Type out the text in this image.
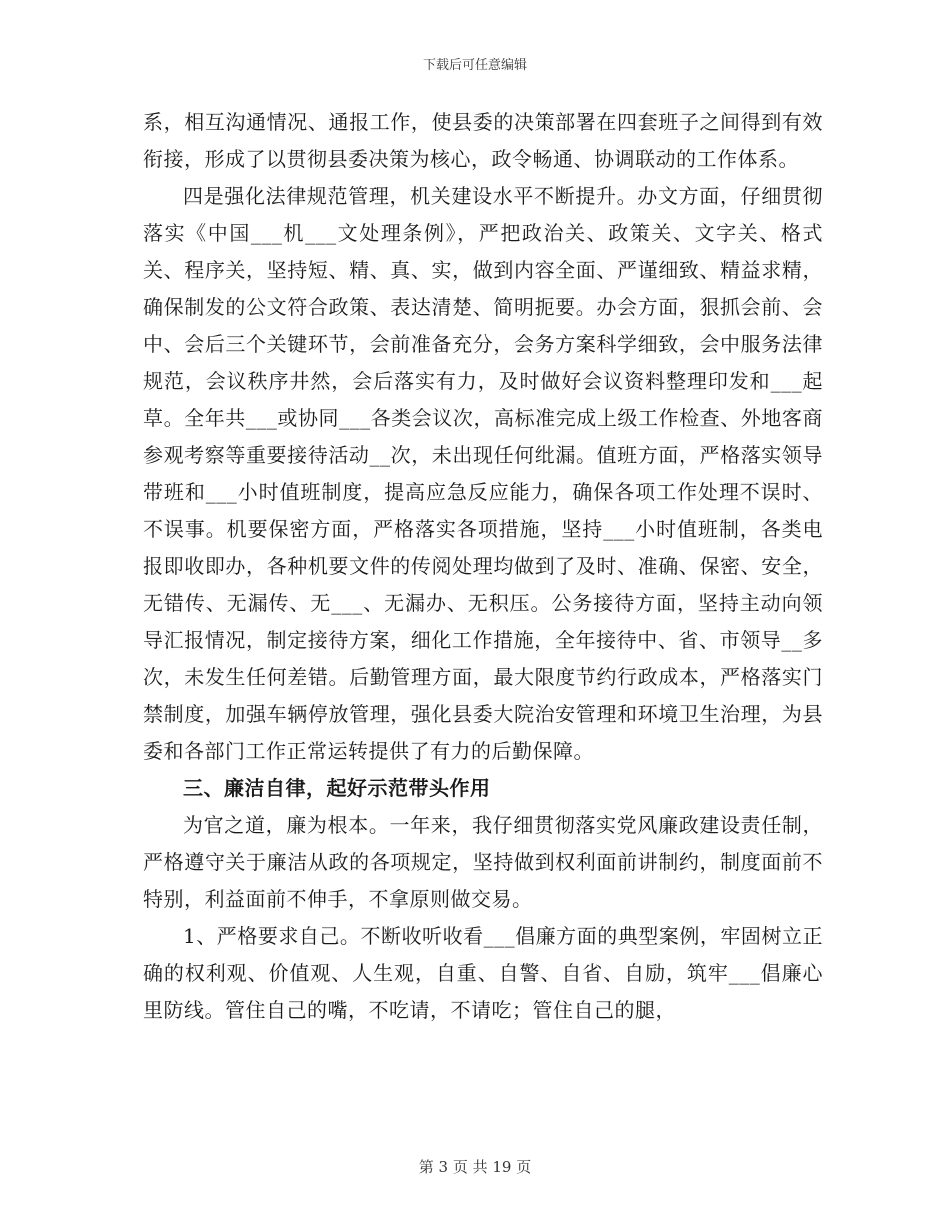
下载后可任意编辑

系，相互沟通情况、通报工作，使县委的决策部署在四套班子之间得到有效衔接，形成了以贯彻县委决策为核心，政令畅通、协调联动的工作体系。

四是强化法律规范管理，机关建设水平不断提升。办文方面，仔细贯彻落实《中国___机___文处理条例》，严把政治关、政策关、文字关、格式关、程序关，坚持短、精、真、实，做到内容全面、严谨细致、精益求精，确保制发的公文符合政策、表达清楚、简明扼要。办会方面，狠抓会前、会中、会后三个关键环节，会前准备充分，会务方案科学细致，会中服务法律规范，会议秩序井然，会后落实有力，及时做好会议资料整理印发和___起草。全年共___或协同___各类会议次，高标准完成上级工作检查、外地客商参观考察等重要接待活动__次，未出现任何纰漏。值班方面，严格落实领导带班和___小时值班制度，提高应急反应能力，确保各项工作处理不误时、不误事。机要保密方面，严格落实各项措施，坚持___小时值班制，各类电报即收即办，各种机要文件的传阅处理均做到了及时、准确、保密、安全，无错传、无漏传、无___、无漏办、无积压。公务接待方面，坚持主动向领导汇报情况，制定接待方案，细化工作措施，全年接待中、省、市领导__多次，未发生任何差错。后勤管理方面，最大限度节约行政成本，严格落实门禁制度，加强车辆停放管理，强化县委大院治安管理和环境卫生治理，为县委和各部门工作正常运转提供了有力的后勤保障。

三、廉洁自律，起好示范带头作用

为官之道，廉为根本。一年来，我仔细贯彻落实党风廉政建设责任制，严格遵守关于廉洁从政的各项规定，坚持做到权利面前讲制约，制度面前不特别，利益面前不伸手，不拿原则做交易。

1、严格要求自己。不断收听收看___倡廉方面的典型案例，牢固树立正确的权利观、价值观、人生观，自重、自警、自省、自励，筑牢___倡廉心里防线。管住自己的嘴，不吃请，不请吃；管住自己的腿，

第 3 页 共 19 页
